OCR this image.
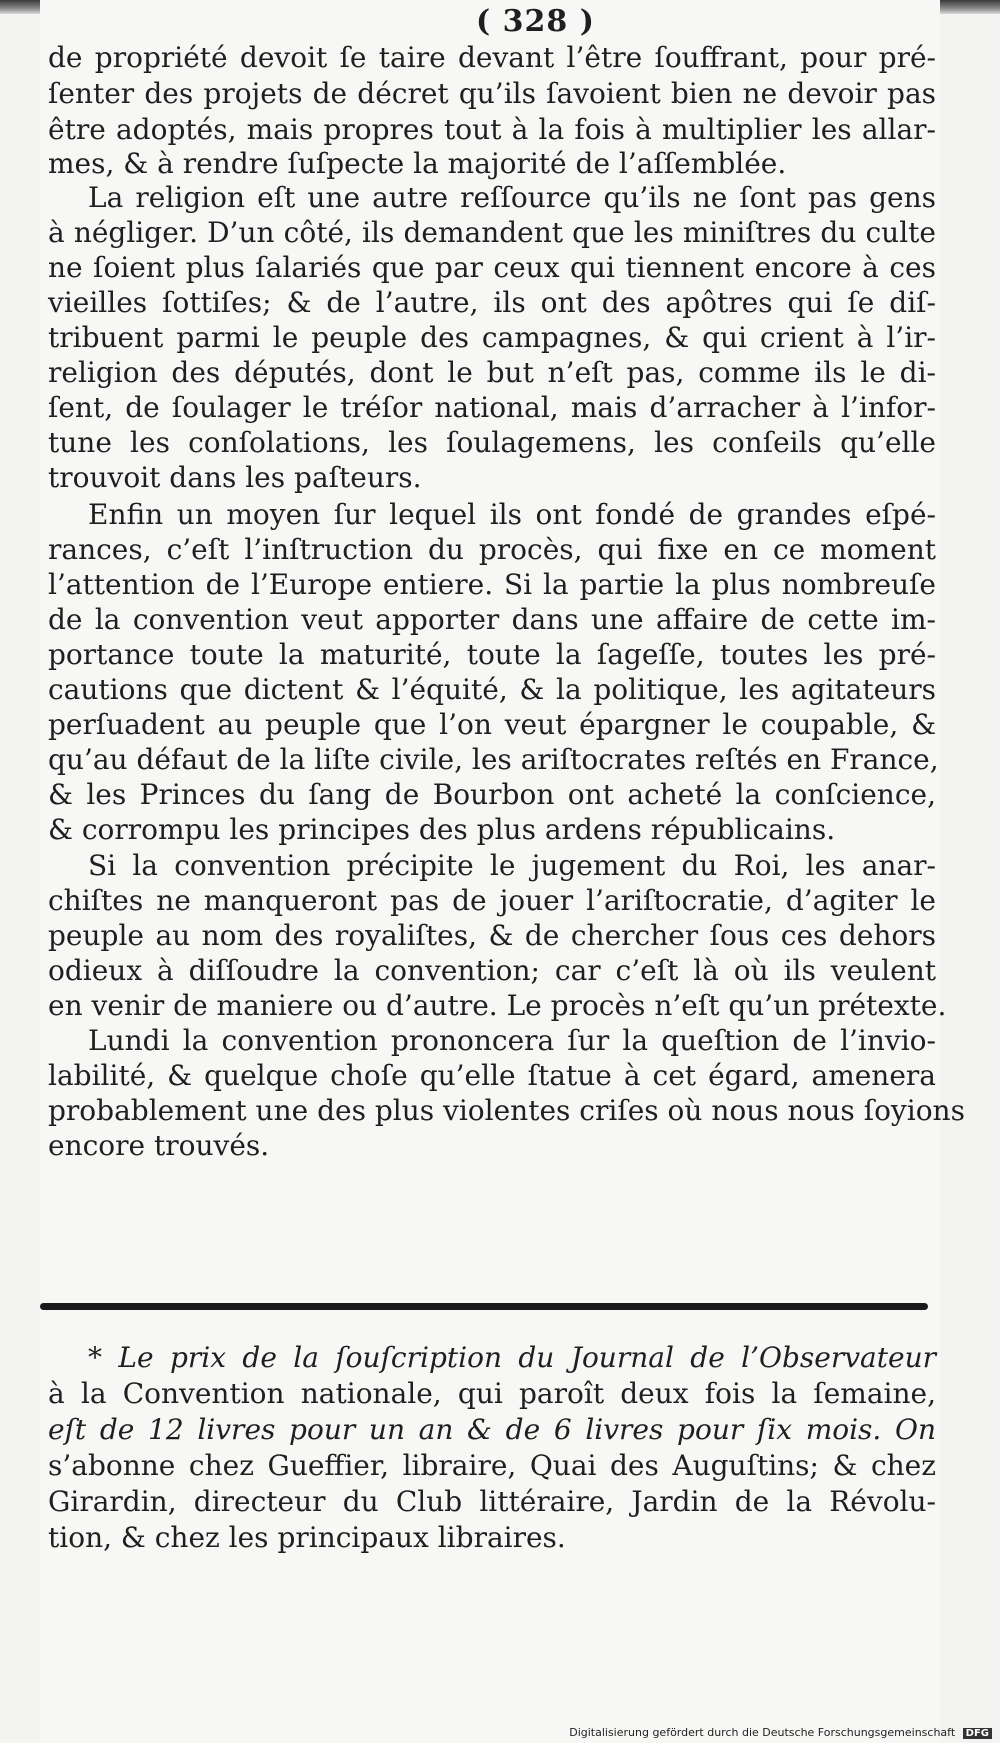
( 328 )
de propriété devoit ſe taire devant l’être ſouffrant, pour pré-
ſenter des projets de décret qu’ils ſavoient bien ne devoir pas
être adoptés, mais propres tout à la fois à multiplier les allar-
mes, & à rendre ſuſpecte la majorité de l’aſſemblée.
La religion eſt une autre reſſource qu’ils ne ſont pas gens
à négliger. D’un côté, ils demandent que les miniſtres du culte
ne ſoient plus ſalariés que par ceux qui tiennent encore à ces
vieilles ſottiſes; & de l’autre, ils ont des apôtres qui ſe diſ-
tribuent parmi le peuple des campagnes, & qui crient à l’ir-
religion des députés, dont le but n’eſt pas, comme ils le di-
ſent, de ſoulager le tréſor national, mais d’arracher à l’infor-
tune les conſolations, les ſoulagemens, les conſeils qu’elle
trouvoit dans les paſteurs.
Enfin un moyen ſur lequel ils ont fondé de grandes eſpé-
rances, c’eſt l’inſtruction du procès, qui fixe en ce moment
l’attention de l’Europe entiere. Si la partie la plus nombreuſe
de la convention veut apporter dans une affaire de cette im-
portance toute la maturité, toute la ſageſſe, toutes les pré-
cautions que dictent & l’équité, & la politique, les agitateurs
perſuadent au peuple que l’on veut épargner le coupable, &
qu’au défaut de la liſte civile, les ariſtocrates reſtés en France,
& les Princes du ſang de Bourbon ont acheté la conſcience,
& corrompu les principes des plus ardens républicains.
Si la convention précipite le jugement du Roi, les anar-
chiſtes ne manqueront pas de jouer l’ariſtocratie, d’agiter le
peuple au nom des royaliſtes, & de chercher ſous ces dehors
odieux à diſſoudre la convention; car c’eſt là où ils veulent
en venir de maniere ou d’autre. Le procès n’eſt qu’un prétexte.
Lundi la convention prononcera ſur la queſtion de l’invio-
labilité, & quelque choſe qu’elle ſtatue à cet égard, amenera
probablement une des plus violentes criſes où nous nous ſoyions
encore trouvés.
* Le prix de la ſouſcription du Journal de l’Observateur
à la Convention nationale, qui paroît deux fois la ſemaine,
eſt de 12 livres pour un an & de 6 livres pour ſix mois. On
s’abonne chez Gueffier, libraire, Quai des Auguſtins; & chez
Girardin, directeur du Club littéraire, Jardin de la Révolu-
tion, & chez les principaux libraires.
Digitalisierung gefördert durch die Deutsche Forschungsgemeinschaft DFG
